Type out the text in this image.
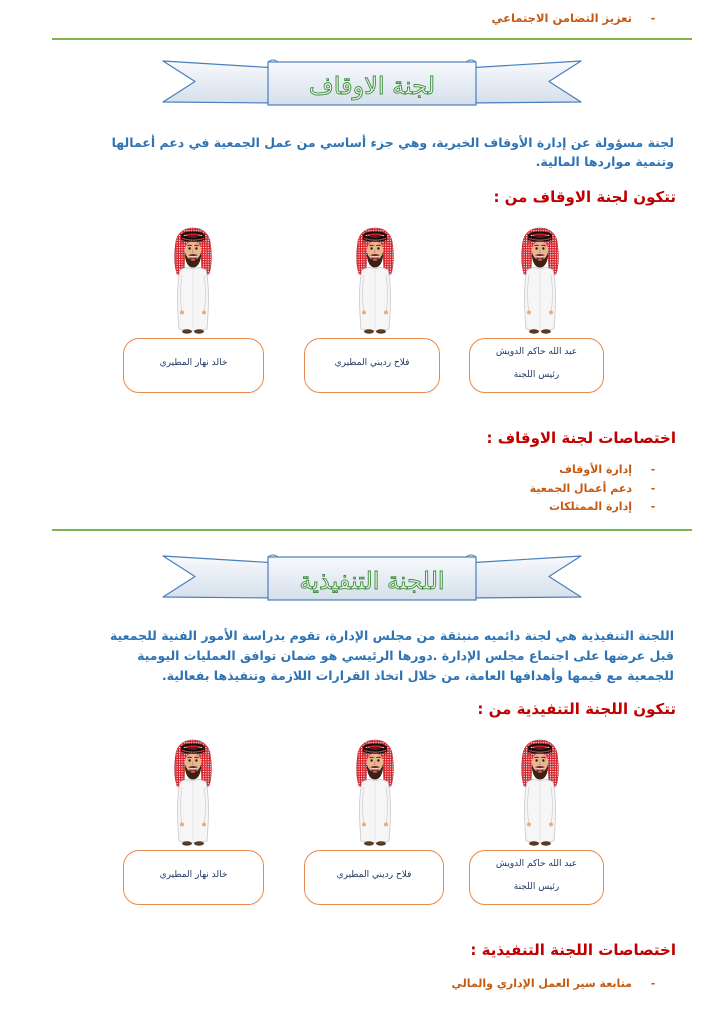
-تعزيز التضامن الاجتماعي
لجنة الاوقاف

لجنة مسؤولة عن إدارة الأوقاف الخيرية، وهي جزء أساسي من عمل الجمعية في دعم أعمالها وتنمية مواردها المالية.

تتكون لجنة الاوقاف من :
عبد الله حاكم الدويش
رئيس اللجنة
فلاح رديني المطيري
خالد نهار المطيري
اختصاصات لجنة الاوقاف :
-إدارة الأوقاف
-دعم أعمال الجمعية
-إدارة الممتلكات
اللجنة التنفيذية

اللجنة التنفيذية هي لجنة دائميه منبثقة من مجلس الإدارة، تقوم بدراسة الأمور الفنية للجمعية قبل عرضها على اجتماع مجلس الإدارة .دورها الرئيسي هو ضمان توافق العمليات اليومية للجمعية مع قيمها وأهدافها العامة، من خلال اتخاذ القرارات اللازمة وتنفيذها بفعالية.

تتكون اللجنة التنفيذية من :
عبد الله حاكم الدويش
رئيس اللجنة
فلاح رديني المطيري
خالد نهار المطيري
اختصاصات اللجنة التنفيذية :
-متابعة سير العمل الإداري والمالي
